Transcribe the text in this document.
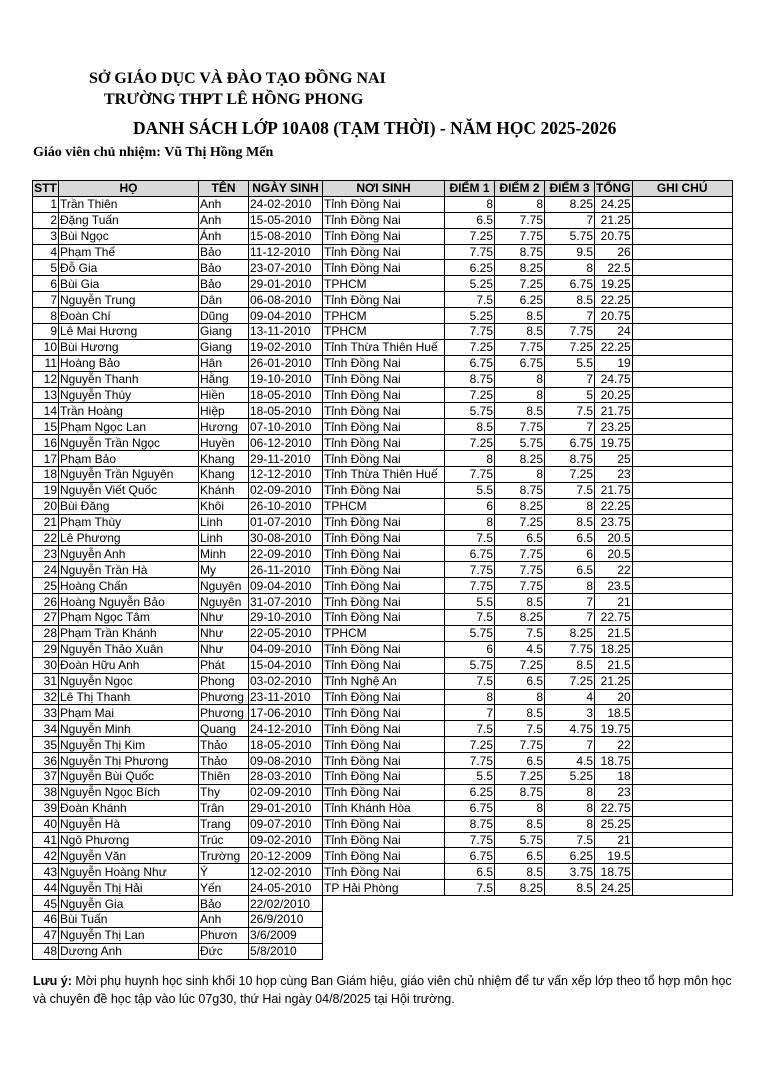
SỞ GIÁO DỤC VÀ ĐÀO TẠO ĐỒNG NAI
TRƯỜNG THPT LÊ HỒNG PHONG
DANH SÁCH LỚP 10A08 (TẠM THỜI) - NĂM HỌC 2025-2026
Giáo viên chủ nhiệm: Vũ Thị Hồng Mến
STT	HỌ	TÊN	NGÀY SINH	NƠI SINH	ĐIỂM 1	ĐIỂM 2	ĐIỂM 3	TỔNG	GHI CHÚ
1	Trần Thiên	Anh	24-02-2010	Tỉnh Đồng Nai	8	8	8.25	24.25	
2	Đặng Tuấn	Anh	15-05-2010	Tỉnh Đồng Nai	6.5	7.75	7	21.25	
3	Bùi Ngọc	Ánh	15-08-2010	Tỉnh Đồng Nai	7.25	7.75	5.75	20.75	
4	Phạm Thế	Bảo	11-12-2010	Tỉnh Đồng Nai	7.75	8.75	9.5	26	
5	Đỗ Gia	Bảo	23-07-2010	Tỉnh Đồng Nai	6.25	8.25	8	22.5	
6	Bùi Gia	Bảo	29-01-2010	TPHCM	5.25	7.25	6.75	19.25	
7	Nguyễn Trung	Dân	06-08-2010	Tỉnh Đồng Nai	7.5	6.25	8.5	22.25	
8	Đoàn Chí	Dũng	09-04-2010	TPHCM	5.25	8.5	7	20.75	
9	Lê Mai Hương	Giang	13-11-2010	TPHCM	7.75	8.5	7.75	24	
10	Bùi Hương	Giang	19-02-2010	Tỉnh Thừa Thiên Huế	7.25	7.75	7.25	22.25	
11	Hoàng Bảo	Hân	26-01-2010	Tỉnh Đồng Nai	6.75	6.75	5.5	19	
12	Nguyễn Thanh	Hằng	19-10-2010	Tỉnh Đồng Nai	8.75	8	7	24.75	
13	Nguyễn Thúy	Hiền	18-05-2010	Tỉnh Đồng Nai	7.25	8	5	20.25	
14	Trần Hoàng	Hiệp	18-05-2010	Tỉnh Đồng Nai	5.75	8.5	7.5	21.75	
15	Phạm Ngọc Lan	Hương	07-10-2010	Tỉnh Đồng Nai	8.5	7.75	7	23.25	
16	Nguyễn Trần Ngọc	Huyền	06-12-2010	Tỉnh Đồng Nai	7.25	5.75	6.75	19.75	
17	Phạm Bảo	Khang	29-11-2010	Tỉnh Đồng Nai	8	8.25	8.75	25	
18	Nguyễn Trần Nguyên	Khang	12-12-2010	Tỉnh Thừa Thiên Huế	7.75	8	7.25	23	
19	Nguyễn Viết Quốc	Khánh	02-09-2010	Tỉnh Đồng Nai	5.5	8.75	7.5	21.75	
20	Bùi Đăng	Khôi	26-10-2010	TPHCM	6	8.25	8	22.25	
21	Phạm Thùy	Linh	01-07-2010	Tỉnh Đồng Nai	8	7.25	8.5	23.75	
22	Lê Phương	Linh	30-08-2010	Tỉnh Đồng Nai	7.5	6.5	6.5	20.5	
23	Nguyễn Anh	Minh	22-09-2010	Tỉnh Đồng Nai	6.75	7.75	6	20.5	
24	Nguyễn Trần Hà	My	26-11-2010	Tỉnh Đồng Nai	7.75	7.75	6.5	22	
25	Hoàng Chấn	Nguyên	09-04-2010	Tỉnh Đồng Nai	7.75	7.75	8	23.5	
26	Hoàng Nguyễn Bảo	Nguyên	31-07-2010	Tỉnh Đồng Nai	5.5	8.5	7	21	
27	Phạm Ngọc Tâm	Như	29-10-2010	Tỉnh Đồng Nai	7.5	8.25	7	22.75	
28	Phạm Trần Khánh	Như	22-05-2010	TPHCM	5.75	7.5	8.25	21.5	
29	Nguyễn Thảo Xuân	Như	04-09-2010	Tỉnh Đồng Nai	6	4.5	7.75	18.25	
30	Đoàn Hữu Anh	Phát	15-04-2010	Tỉnh Đồng Nai	5.75	7.25	8.5	21.5	
31	Nguyễn Ngọc	Phong	03-02-2010	Tỉnh Nghệ An	7.5	6.5	7.25	21.25	
32	Lê Thị Thanh	Phương	23-11-2010	Tỉnh Đồng Nai	8	8	4	20	
33	Phạm Mai	Phương	17-06-2010	Tỉnh Đồng Nai	7	8.5	3	18.5	
34	Nguyễn Minh	Quang	24-12-2010	Tỉnh Đồng Nai	7.5	7.5	4.75	19.75	
35	Nguyễn Thị Kim	Thảo	18-05-2010	Tỉnh Đồng Nai	7.25	7.75	7	22	
36	Nguyễn Thị Phương	Thảo	09-08-2010	Tỉnh Đồng Nai	7.75	6.5	4.5	18.75	
37	Nguyễn Bùi Quốc	Thiên	28-03-2010	Tỉnh Đồng Nai	5.5	7.25	5.25	18	
38	Nguyễn Ngọc Bích	Thy	02-09-2010	Tỉnh Đồng Nai	6.25	8.75	8	23	
39	Đoàn Khánh	Trân	29-01-2010	Tỉnh Khánh Hòa	6.75	8	8	22.75	
40	Nguyễn Hà	Trang	09-07-2010	Tỉnh Đồng Nai	8.75	8.5	8	25.25	
41	Ngô Phương	Trúc	09-02-2010	Tỉnh Đồng Nai	7.75	5.75	7.5	21	
42	Nguyễn Văn	Trường	20-12-2009	Tỉnh Đồng Nai	6.75	6.5	6.25	19.5	
43	Nguyễn Hoàng Như	Ý	12-02-2010	Tỉnh Đồng Nai	6.5	8.5	3.75	18.75	
44	Nguyễn Thị Hải	Yến	24-05-2010	TP Hải Phòng	7.5	8.25	8.5	24.25	
45	Nguyễn Gia	Bảo	22/02/2010						
46	Bùi Tuấn	Anh	26/9/2010						
47	Nguyễn Thị Lan	Phươn	3/6/2009						
48	Dương Anh	Đức	5/8/2010						
Lưu ý: Mời phụ huynh học sinh khối 10 họp cùng Ban Giám hiệu, giáo viên chủ nhiệm để tư vấn xếp lớp theo tổ hợp môn học và chuyên đề học tập vào lúc 07g30, thứ Hai ngày 04/8/2025 tại Hội trường.
